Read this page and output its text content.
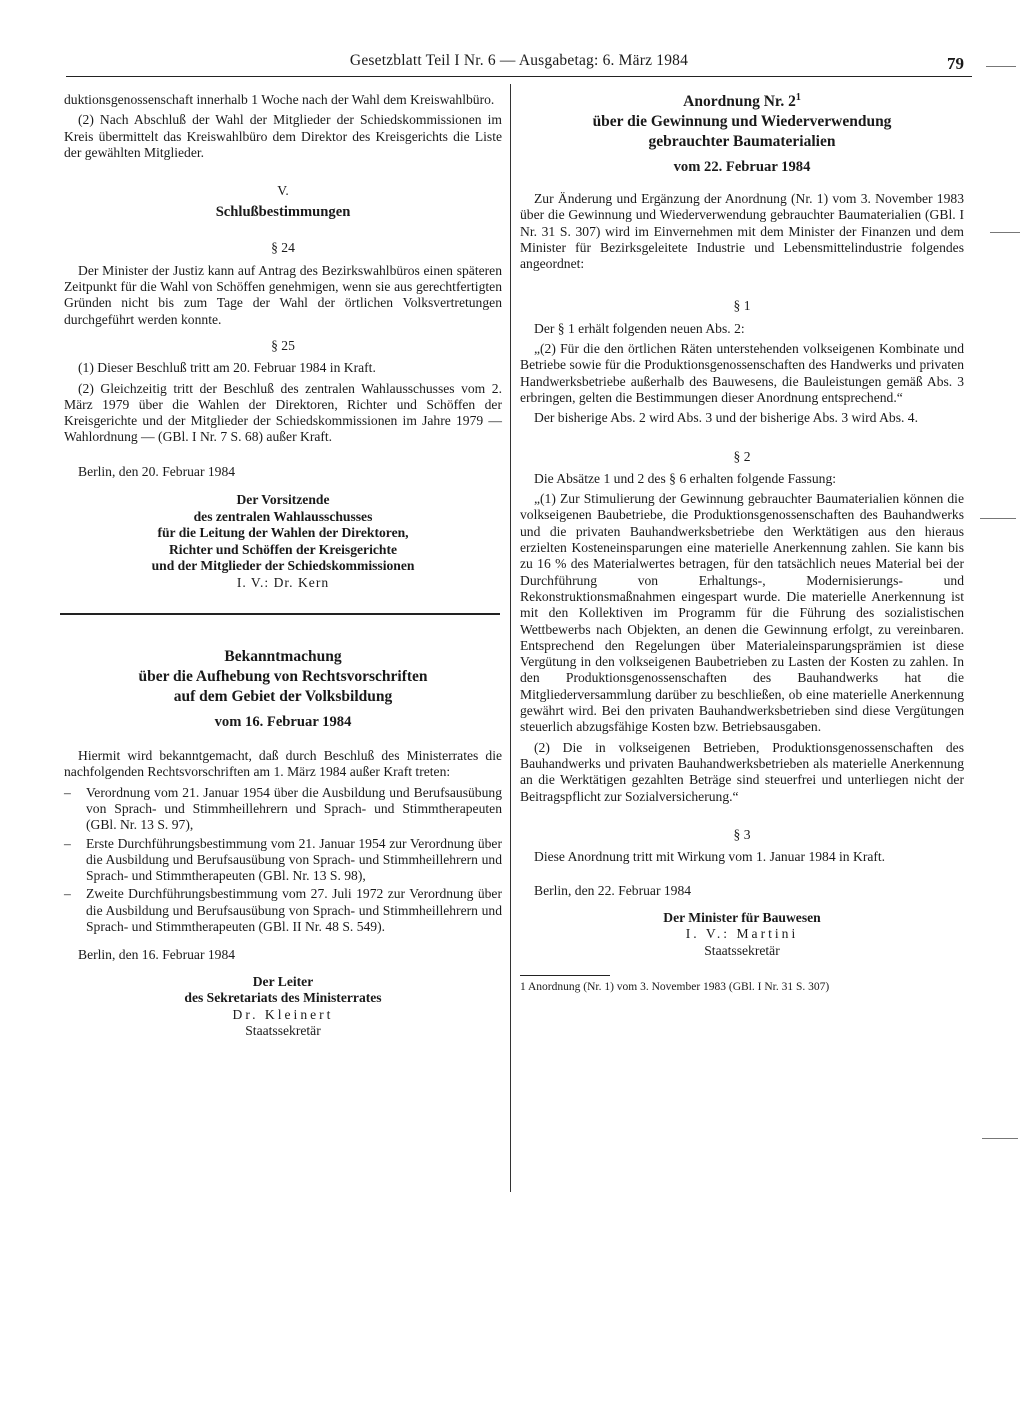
Gesetzblatt Teil I Nr. 6 — Ausgabetag: 6. März 1984	79

duktionsgenossenschaft innerhalb 1 Woche nach der Wahl dem Kreiswahlbüro.

(2) Nach Abschluß der Wahl der Mitglieder der Schiedskommissionen im Kreis übermittelt das Kreiswahlbüro dem Direktor des Kreisgerichts die Liste der gewählten Mitglieder.

V.
Schlußbestimmungen
§ 24

Der Minister der Justiz kann auf Antrag des Bezirkswahlbüros einen späteren Zeitpunkt für die Wahl von Schöffen genehmigen, wenn sie aus gerechtfertigten Gründen nicht bis zum Tage der Wahl der örtlichen Volksvertretungen durchgeführt werden konnte.

§ 25

(1) Dieser Beschluß tritt am 20. Februar 1984 in Kraft.

(2) Gleichzeitig tritt der Beschluß des zentralen Wahlausschusses vom 2. März 1979 über die Wahlen der Direktoren, Richter und Schöffen der Kreisgerichte und der Mitglieder der Schiedskommissionen im Jahre 1979 — Wahlordnung — (GBl. I Nr. 7 S. 68) außer Kraft.

Berlin, den 20. Februar 1984

Der Vorsitzende
des zentralen Wahlausschusses
für die Leitung der Wahlen der Direktoren,
Richter und Schöffen der Kreisgerichte
und der Mitglieder der Schiedskommissionen
I. V.: Dr. Kern
Bekanntmachung
über die Aufhebung von Rechtsvorschriften
auf dem Gebiet der Volksbildung
vom 16. Februar 1984

Hiermit wird bekanntgemacht, daß durch Beschluß des Ministerrates die nachfolgenden Rechtsvorschriften am 1. März 1984 außer Kraft treten:

– Verordnung vom 21. Januar 1954 über die Ausbildung und Berufsausübung von Sprach- und Stimmheillehrern und Sprach- und Stimmtherapeuten (GBl. Nr. 13 S. 97),
– Erste Durchführungsbestimmung vom 21. Januar 1954 zur Verordnung über die Ausbildung und Berufsausübung von Sprach- und Stimmheillehrern und Sprach- und Stimmtherapeuten (GBl. Nr. 13 S. 98),
– Zweite Durchführungsbestimmung vom 27. Juli 1972 zur Verordnung über die Ausbildung und Berufsausübung von Sprach- und Stimmheillehrern und Sprach- und Stimmtherapeuten (GBl. II Nr. 48 S. 549).

Berlin, den 16. Februar 1984

Der Leiter
des Sekretariats des Ministerrates
Dr. Kleinert
Staatssekretär
Anordnung Nr. $2^1$
über die Gewinnung und Wiederverwendung
gebrauchter Baumaterialien
vom 22. Februar 1984

Zur Änderung und Ergänzung der Anordnung (Nr. 1) vom 3. November 1983 über die Gewinnung und Wiederverwendung gebrauchter Baumaterialien (GBl. I Nr. 31 S. 307) wird im Einvernehmen mit dem Minister der Finanzen und dem Minister für Bezirksgeleitete Industrie und Lebensmittelindustrie folgendes angeordnet:

§ 1

Der § 1 erhält folgenden neuen Abs. 2:

„(2) Für die den örtlichen Räten unterstehenden volkseigenen Kombinate und Betriebe sowie für die Produktionsgenossenschaften des Handwerks und privaten Handwerksbetriebe außerhalb des Bauwesens, die Bauleistungen gemäß Abs. 3 erbringen, gelten die Bestimmungen dieser Anordnung entsprechend.“

Der bisherige Abs. 2 wird Abs. 3 und der bisherige Abs. 3 wird Abs. 4.

§ 2

Die Absätze 1 und 2 des § 6 erhalten folgende Fassung:

„(1) Zur Stimulierung der Gewinnung gebrauchter Baumaterialien können die volkseigenen Baubetriebe, die Produktionsgenossenschaften des Bauhandwerks und die privaten Bauhandwerksbetriebe den Werktätigen aus den hieraus erzielten Kosteneinsparungen eine materielle Anerkennung zahlen. Sie kann bis zu 16 % des Materialwertes betragen, für den tatsächlich neues Material bei der Durchführung von Erhaltungs-, Modernisierungs- und Rekonstruktionsmaßnahmen eingespart wurde. Die materielle Anerkennung ist mit den Kollektiven im Programm für die Führung des sozialistischen Wettbewerbs nach Objekten, an denen die Gewinnung erfolgt, zu vereinbaren. Entsprechend den Regelungen über Materialeinsparungsprämien ist diese Vergütung in den volkseigenen Baubetrieben zu Lasten der Kosten zu zahlen. In den Produktionsgenossenschaften des Bauhandwerks hat die Mitgliederversammlung darüber zu beschließen, ob eine materielle Anerkennung gewährt wird. Bei den privaten Bauhandwerksbetrieben sind diese Vergütungen steuerlich abzugsfähige Kosten bzw. Betriebsausgaben.

(2) Die in volkseigenen Betrieben, Produktionsgenossenschaften des Bauhandwerks und privaten Bauhandwerksbetrieben als materielle Anerkennung an die Werktätigen gezahlten Beträge sind steuerfrei und unterliegen nicht der Beitragspflicht zur Sozialversicherung.“

§ 3

Diese Anordnung tritt mit Wirkung vom 1. Januar 1984 in Kraft.

Berlin, den 22. Februar 1984

Der Minister für Bauwesen
I. V.: Martini
Staatssekretär
1 Anordnung (Nr. 1) vom 3. November 1983 (GBl. I Nr. 31 S. 307)
